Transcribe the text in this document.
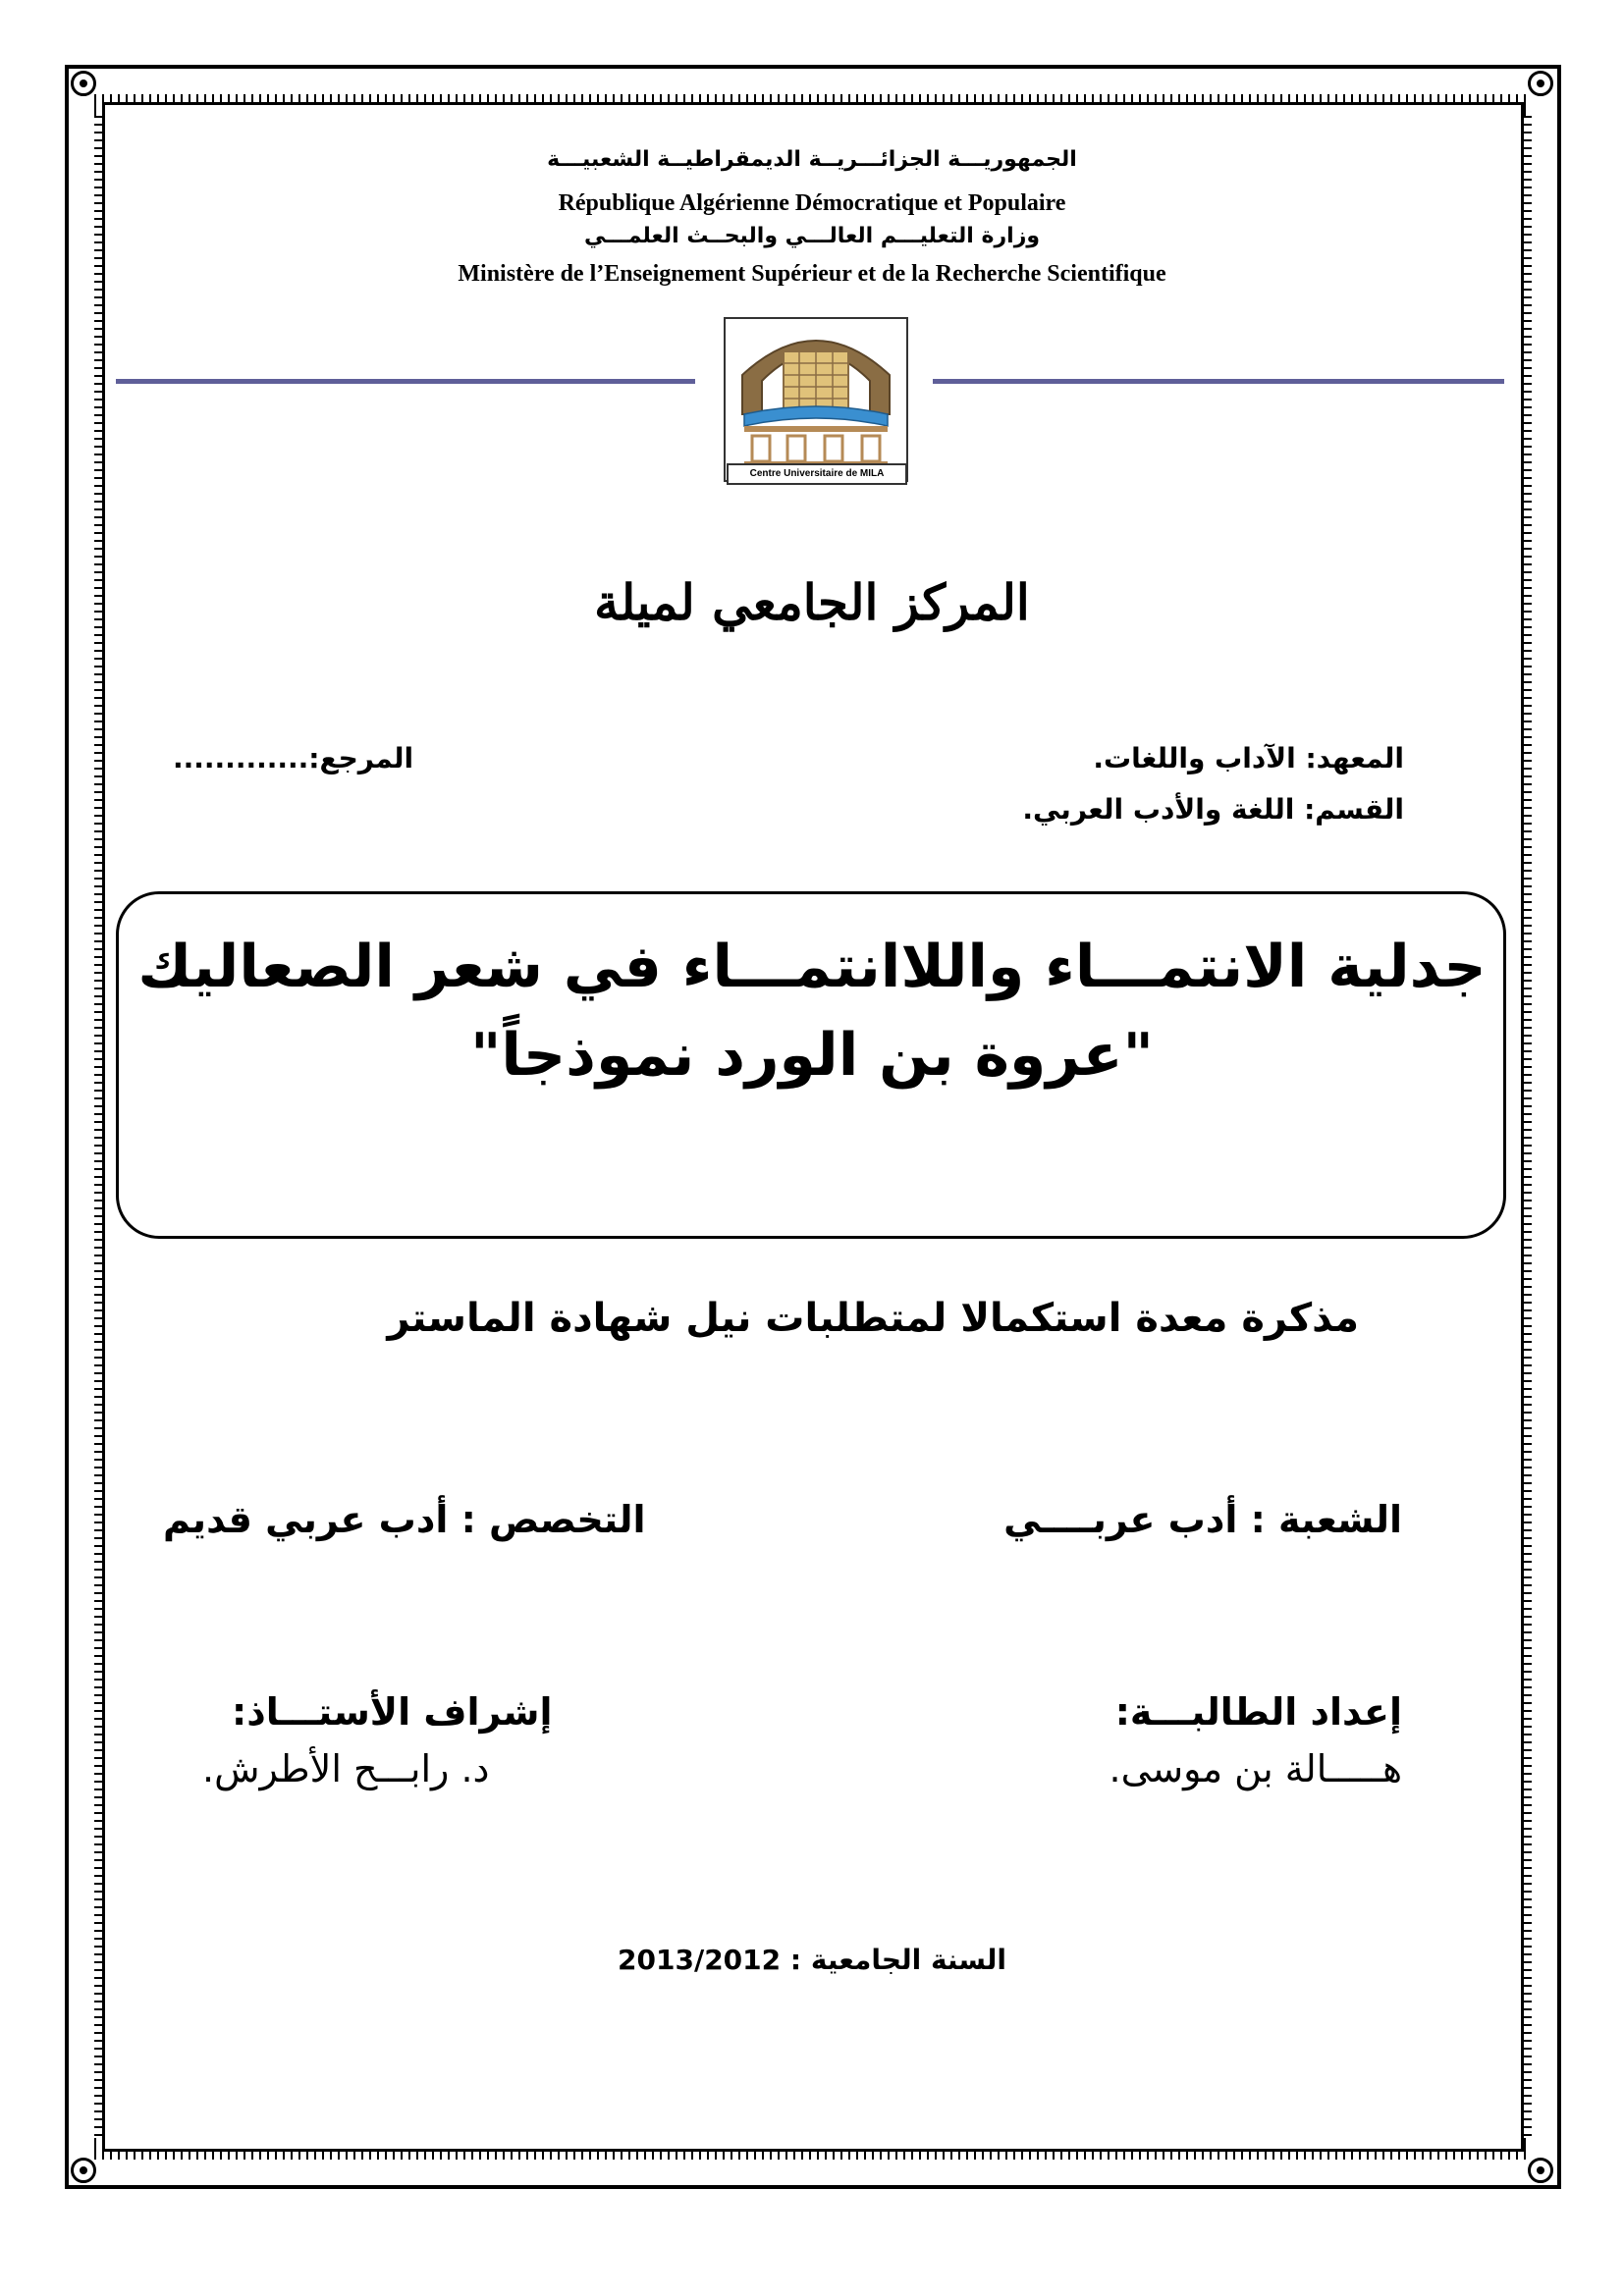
الجمهوريـــة الجزائـــريــة الديمقراطيــة الشعبيـــة
République Algérienne Démocratique et Populaire
وزارة التعليـــم العالـــي والبحــث العلمـــي
Ministère de l’Enseignement Supérieur et de la Recherche Scientifique
Centre Universitaire de MILA
المركز الجامعي لميلة
المعهد: الآداب واللغات.
القسم: اللغة والأدب العربي.
المرجع:.............
جدلية الانتمـــاء واللاانتمـــاء في شعر الصعاليك
"عروة بن الورد نموذجاً"
مذكرة معدة استكمالا لمتطلبات نيل شهادة الماستر
الشعبة : أدب عربــــي
التخصص : أدب عربي قديم
إعداد الطالبـــة:
هـــــالة بن موسى.
إشراف الأستـــاذ:
د. رابـــح الأطرش.
السنة الجامعية : 2013/2012
